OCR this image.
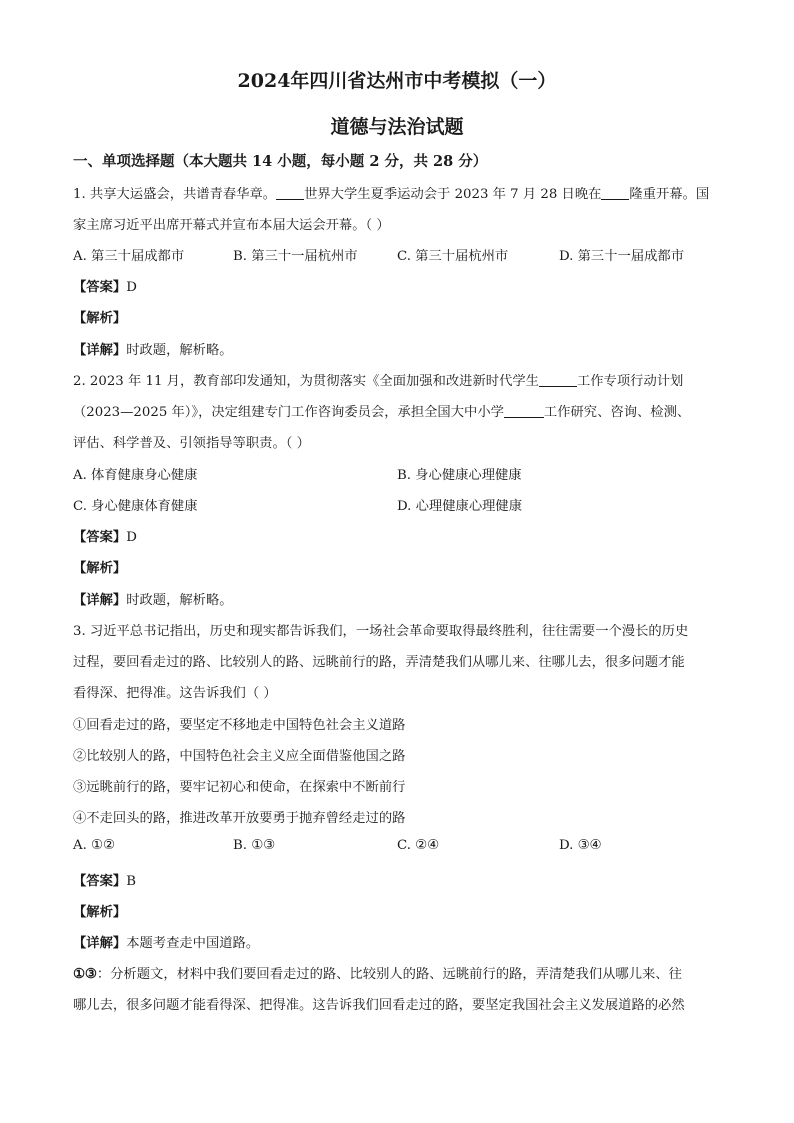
2024年四川省达州市中考模拟（一）
道德与法治试题
一、单项选择题（本大题共 14 小题，每小题 2 分，共 28 分）
1. 共享大运盛会，共谱青春华章。 世界大学生夏季运动会于 2023 年 7 月 28 日晚在 隆重开幕。国
家主席习近平出席开幕式并宣布本届大运会开幕。（ ）
A. 第三十届成都市	B. 第三十一届杭州市	C. 第三十届杭州市	D. 第三十一届成都市
【答案】D
【解析】
【详解】时政题，解析略。
2. 2023 年 11 月，教育部印发通知，为贯彻落实《全面加强和改进新时代学生	工作专项行动计划
（2023—2025 年）》，决定组建专门工作咨询委员会，承担全国大中小学	工作研究、咨询、检测、
评估、科学普及、引领指导等职责。（ ）
A. 体育健康身心健康	B. 身心健康心理健康
C. 身心健康体育健康	D. 心理健康心理健康
【答案】D
【解析】
【详解】时政题，解析略。
3. 习近平总书记指出，历史和现实都告诉我们，一场社会革命要取得最终胜利，往往需要一个漫长的历史
过程，要回看走过的路、比较别人的路、远眺前行的路，弄清楚我们从哪儿来、往哪儿去，很多问题才能
看得深、把得准。这告诉我们（ ）
①回看走过的路，要坚定不移地走中国特色社会主义道路
②比较别人的路，中国特色社会主义应全面借鉴他国之路
③远眺前行的路，要牢记初心和使命，在探索中不断前行
④不走回头的路，推进改革开放要勇于抛弃曾经走过的路
A. ①②	B. ①③	C. ②④	D. ③④
【答案】B
【解析】
【详解】本题考查走中国道路。
①③：分析题文，材料中我们要回看走过的路、比较别人的路、远眺前行的路，弄清楚我们从哪儿来、往
哪儿去，很多问题才能看得深、把得准。这告诉我们回看走过的路，要坚定我国社会主义发展道路的必然
